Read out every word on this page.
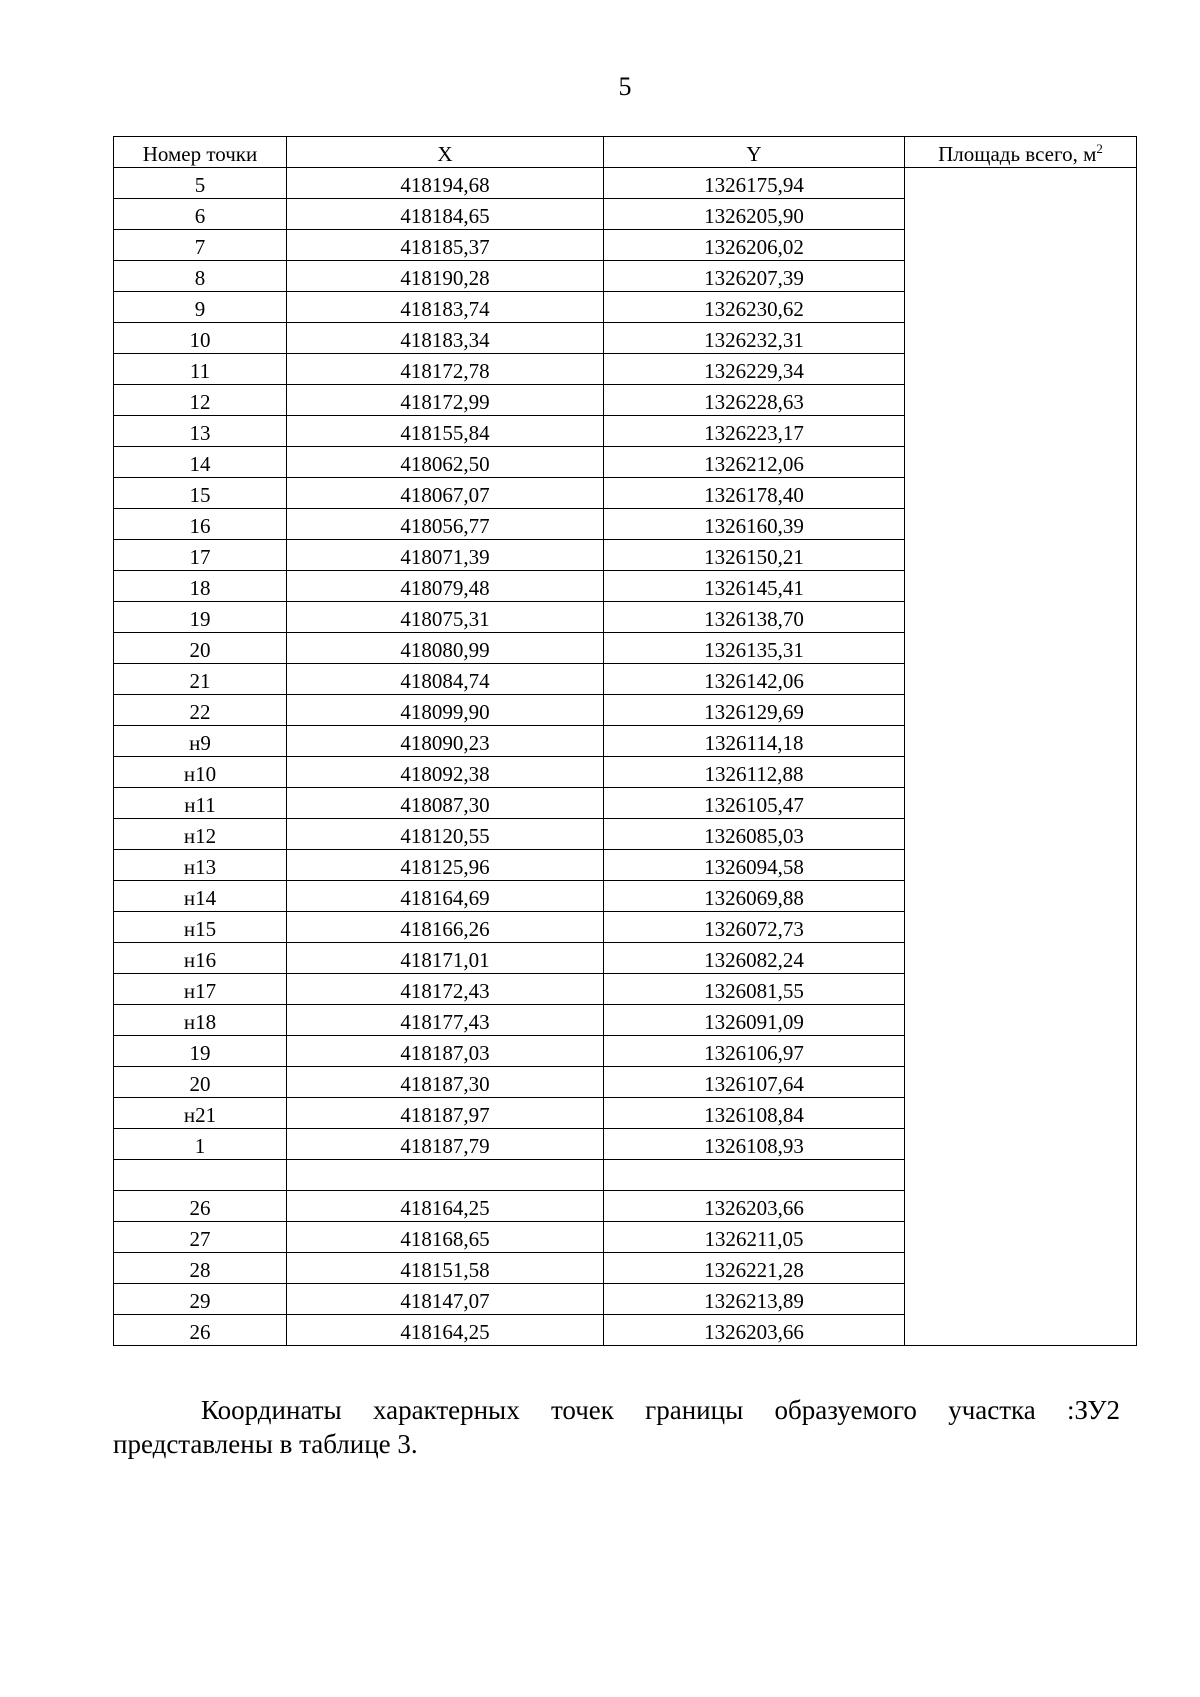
5
Номер точки	X	Y	Площадь всего, $м^2$
5	418194,68	1326175,94	
6	418184,65	1326205,90	
7	418185,37	1326206,02	
8	418190,28	1326207,39	
9	418183,74	1326230,62	
10	418183,34	1326232,31	
11	418172,78	1326229,34	
12	418172,99	1326228,63	
13	418155,84	1326223,17	
14	418062,50	1326212,06	
15	418067,07	1326178,40	
16	418056,77	1326160,39	
17	418071,39	1326150,21	
18	418079,48	1326145,41	
19	418075,31	1326138,70	
20	418080,99	1326135,31	
21	418084,74	1326142,06	
22	418099,90	1326129,69	
н9	418090,23	1326114,18	
н10	418092,38	1326112,88	
н11	418087,30	1326105,47	
н12	418120,55	1326085,03	
н13	418125,96	1326094,58	
н14	418164,69	1326069,88	
н15	418166,26	1326072,73	
н16	418171,01	1326082,24	
н17	418172,43	1326081,55	
н18	418177,43	1326091,09	
19	418187,03	1326106,97	
20	418187,30	1326107,64	
н21	418187,97	1326108,84	
1	418187,79	1326108,93	

26	418164,25	1326203,66	
27	418168,65	1326211,05	
28	418151,58	1326221,28	
29	418147,07	1326213,89	
26	418164,25	1326203,66	
Координаты характерных точек границы образуемого участка :ЗУ2
представлены в таблице 3.
